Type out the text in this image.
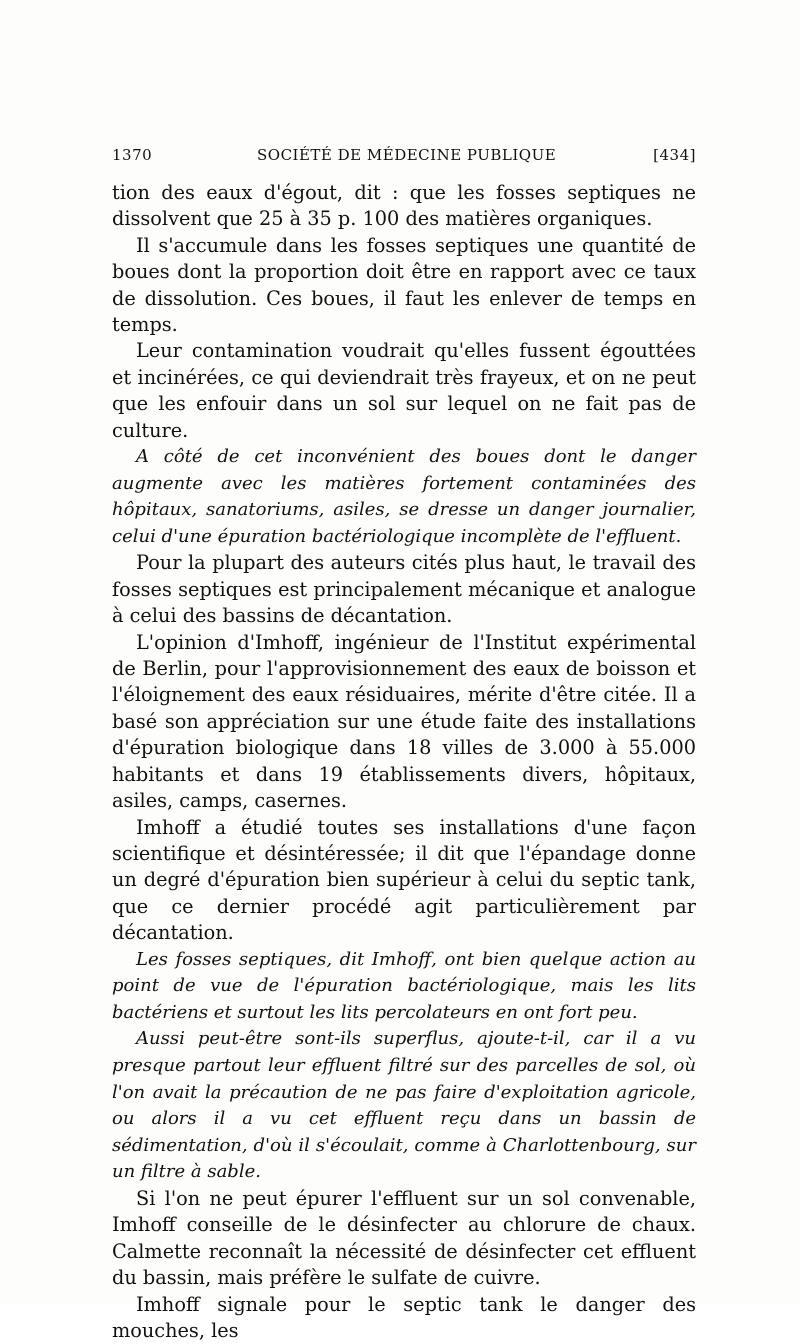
1370	SOCIÉTÉ DE MÉDECINE PUBLIQUE	[434]

tion des eaux d'égout, dit : que les fosses septiques ne dissolvent que 25 à 35 p. 100 des matières organiques.

Il s'accumule dans les fosses septiques une quantité de boues dont la proportion doit être en rapport avec ce taux de dissolution. Ces boues, il faut les enlever de temps en temps.

Leur contamination voudrait qu'elles fussent égouttées et incinérées, ce qui deviendrait très frayeux, et on ne peut que les enfouir dans un sol sur lequel on ne fait pas de culture.

A côté de cet inconvénient des boues dont le danger augmente avec les matières fortement contaminées des hôpitaux, sanatoriums, asiles, se dresse un danger journalier, celui d'une épuration bactériologique incomplète de l'effluent.

Pour la plupart des auteurs cités plus haut, le travail des fosses septiques est principalement mécanique et analogue à celui des bassins de décantation.

L'opinion d'Imhoff, ingénieur de l'Institut expérimental de Berlin, pour l'approvisionnement des eaux de boisson et l'éloignement des eaux résiduaires, mérite d'être citée. Il a basé son appréciation sur une étude faite des installations d'épuration biologique dans 18 villes de 3.000 à 55.000 habitants et dans 19 établissements divers, hôpitaux, asiles, camps, casernes.

Imhoff a étudié toutes ses installations d'une façon scientifique et désintéressée; il dit que l'épandage donne un degré d'épuration bien supérieur à celui du septic tank, que ce dernier procédé agit particulièrement par décantation.

Les fosses septiques, dit Imhoff, ont bien quelque action au point de vue de l'épuration bactériologique, mais les lits bactériens et surtout les lits percolateurs en ont fort peu.

Aussi peut-être sont-ils superflus, ajoute-t-il, car il a vu presque partout leur effluent filtré sur des parcelles de sol, où l'on avait la précaution de ne pas faire d'exploitation agricole, ou alors il a vu cet effluent reçu dans un bassin de sédimentation, d'où il s'écoulait, comme à Charlottenbourg, sur un filtre à sable.

Si l'on ne peut épurer l'effluent sur un sol convenable, Imhoff conseille de le désinfecter au chlorure de chaux. Calmette reconnaît la nécessité de désinfecter cet effluent du bassin, mais préfère le sulfate de cuivre.

Imhoff signale pour le septic tank le danger des mouches, les
